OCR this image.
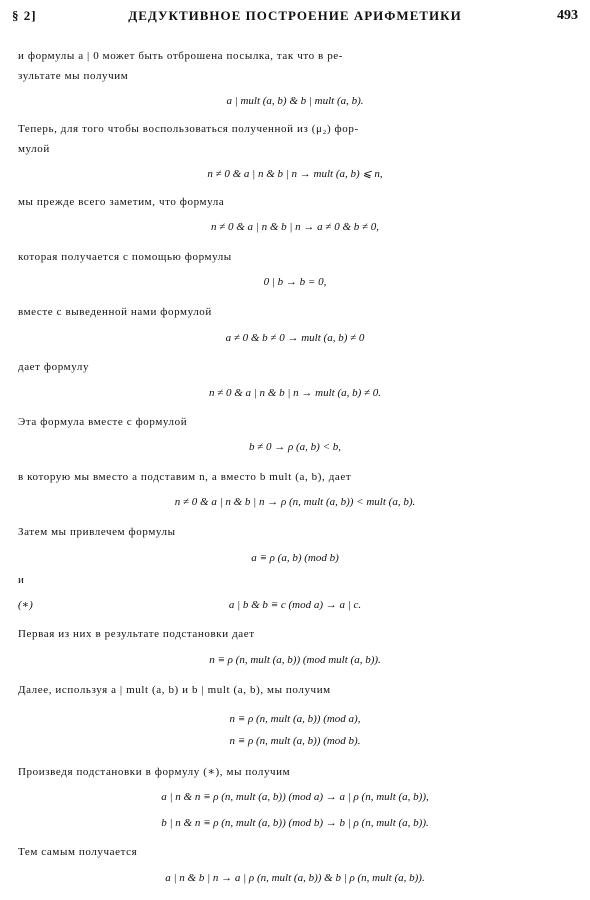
§ 2]	ДЕДУКТИВНОЕ ПОСТРОЕНИЕ АРИФМЕТИКИ	493
и формулы a | 0 может быть отброшена посылка, так что в ре-
зультате мы получим
a | mult (a, b) & b | mult (a, b).
Теперь, для того чтобы воспользоваться полученной из (μ₂) фор-
мулой
n ≠ 0 & a | n & b | n → mult (a, b) ⩽ n,
мы прежде всего заметим, что формула
n ≠ 0 & a | n & b | n → a ≠ 0 & b ≠ 0,
которая получается с помощью формулы
0 | b → b = 0,
вместе с выведенной нами формулой
a ≠ 0 & b ≠ 0 → mult (a, b) ≠ 0
дает формулу
n ≠ 0 & a | n & b | n → mult (a, b) ≠ 0.
Эта формула вместе с формулой
b ≠ 0 → ρ (a, b) < b,
в которую мы вместо a подставим n, а вместо b mult (a, b), дает
n ≠ 0 & a | n & b | n → ρ (n, mult (a, b)) < mult (a, b).
Затем мы привлечем формулы
a ≡ ρ (a, b) (mod b)
и
(∗)	a | b & b ≡ c (mod a) → a | c.
Первая из них в результате подстановки дает
n ≡ ρ (n, mult (a, b)) (mod mult (a, b)).
Далее, используя a | mult (a, b) и b | mult (a, b), мы получим
n ≡ ρ (n, mult (a, b)) (mod a),
n ≡ ρ (n, mult (a, b)) (mod b).
Произведя подстановки в формулу (∗), мы получим
a | n & n ≡ ρ (n, mult (a, b)) (mod a) → a | ρ (n, mult (a, b)),
b | n & n ≡ ρ (n, mult (a, b)) (mod b) → b | ρ (n, mult (a, b)).
Тем самым получается
a | n & b | n → a | ρ (n, mult (a, b)) & b | ρ (n, mult (a, b)).
